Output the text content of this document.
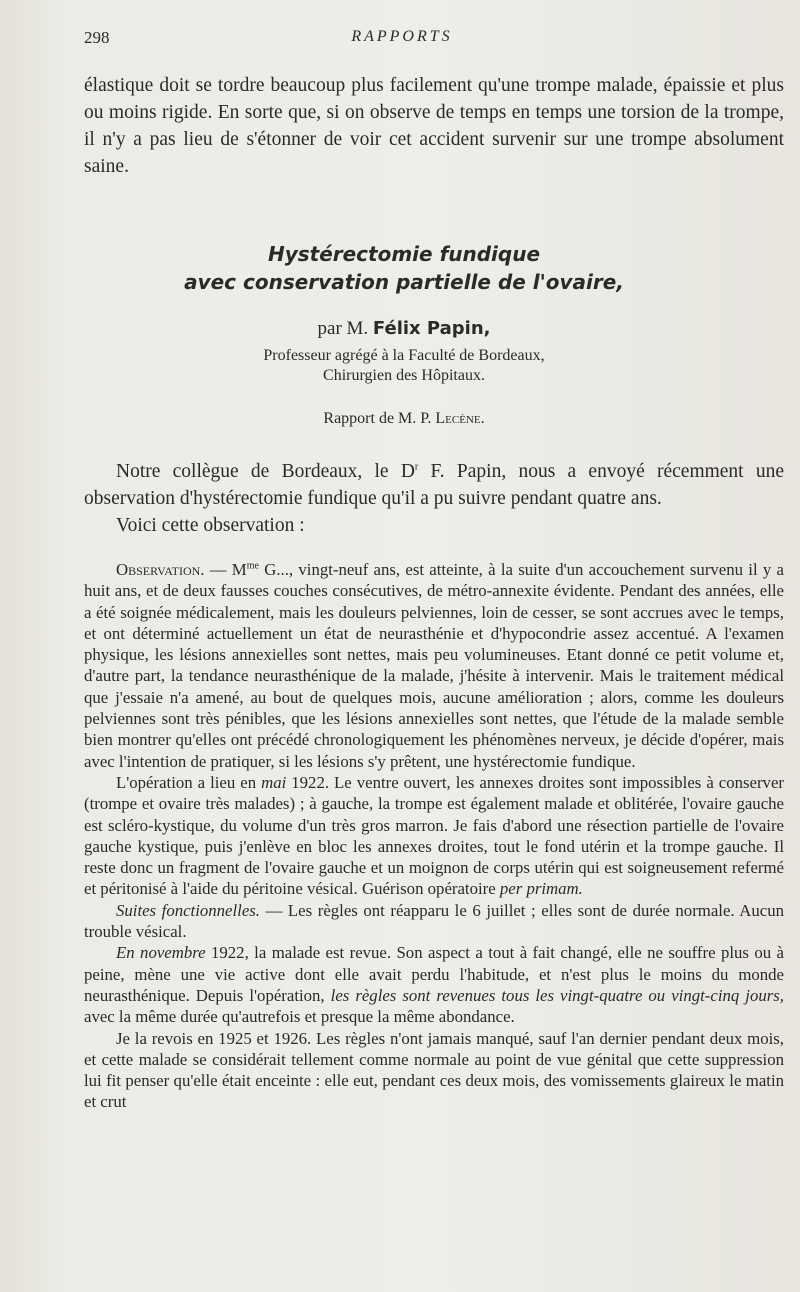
298	RAPPORTS

élastique doit se tordre beaucoup plus facilement qu'une trompe malade, épaissie et plus ou moins rigide. En sorte que, si on observe de temps en temps une torsion de la trompe, il n'y a pas lieu de s'étonner de voir cet accident survenir sur une trompe absolument saine.

Hystérectomie fundique
avec conservation partielle de l'ovaire,

par M. Félix Papin,

Professeur agrégé à la Faculté de Bordeaux,
Chirurgien des Hôpitaux.

Rapport de M. P. Lecène.

Notre collègue de Bordeaux, le $D^r$ F. Papin, nous a envoyé récemment une observation d'hystérectomie fundique qu'il a pu suivre pendant quatre ans.

Voici cette observation :

Observation. — $M^{me}$ G..., vingt-neuf ans, est atteinte, à la suite d'un accouchement survenu il y a huit ans, et de deux fausses couches consécutives, de métro-annexite évidente. Pendant des années, elle a été soignée médicalement, mais les douleurs pelviennes, loin de cesser, se sont accrues avec le temps, et ont déterminé actuellement un état de neurasthénie et d'hypocondrie assez accentué. A l'examen physique, les lésions annexielles sont nettes, mais peu volumineuses. Etant donné ce petit volume et, d'autre part, la tendance neurasthénique de la malade, j'hésite à intervenir. Mais le traitement médical que j'essaie n'a amené, au bout de quelques mois, aucune amélioration ; alors, comme les douleurs pelviennes sont très pénibles, que les lésions annexielles sont nettes, que l'étude de la malade semble bien montrer qu'elles ont précédé chronologiquement les phénomènes nerveux, je décide d'opérer, mais avec l'intention de pratiquer, si les lésions s'y prêtent, une hystérectomie fundique.

L'opération a lieu en mai 1922. Le ventre ouvert, les annexes droites sont impossibles à conserver (trompe et ovaire très malades) ; à gauche, la trompe est également malade et oblitérée, l'ovaire gauche est scléro-kystique, du volume d'un très gros marron. Je fais d'abord une résection partielle de l'ovaire gauche kystique, puis j'enlève en bloc les annexes droites, tout le fond utérin et la trompe gauche. Il reste donc un fragment de l'ovaire gauche et un moignon de corps utérin qui est soigneusement refermé et péritonisé à l'aide du péritoine vésical. Guérison opératoire per primam.

Suites fonctionnelles. — Les règles ont réapparu le 6 juillet ; elles sont de durée normale. Aucun trouble vésical.

En novembre 1922, la malade est revue. Son aspect a tout à fait changé, elle ne souffre plus ou à peine, mène une vie active dont elle avait perdu l'habitude, et n'est plus le moins du monde neurasthénique. Depuis l'opération, les règles sont revenues tous les vingt-quatre ou vingt-cinq jours, avec la même durée qu'autrefois et presque la même abondance.

Je la revois en 1925 et 1926. Les règles n'ont jamais manqué, sauf l'an dernier pendant deux mois, et cette malade se considérait tellement comme normale au point de vue génital que cette suppression lui fit penser qu'elle était enceinte : elle eut, pendant ces deux mois, des vomissements glaireux le matin et crut
